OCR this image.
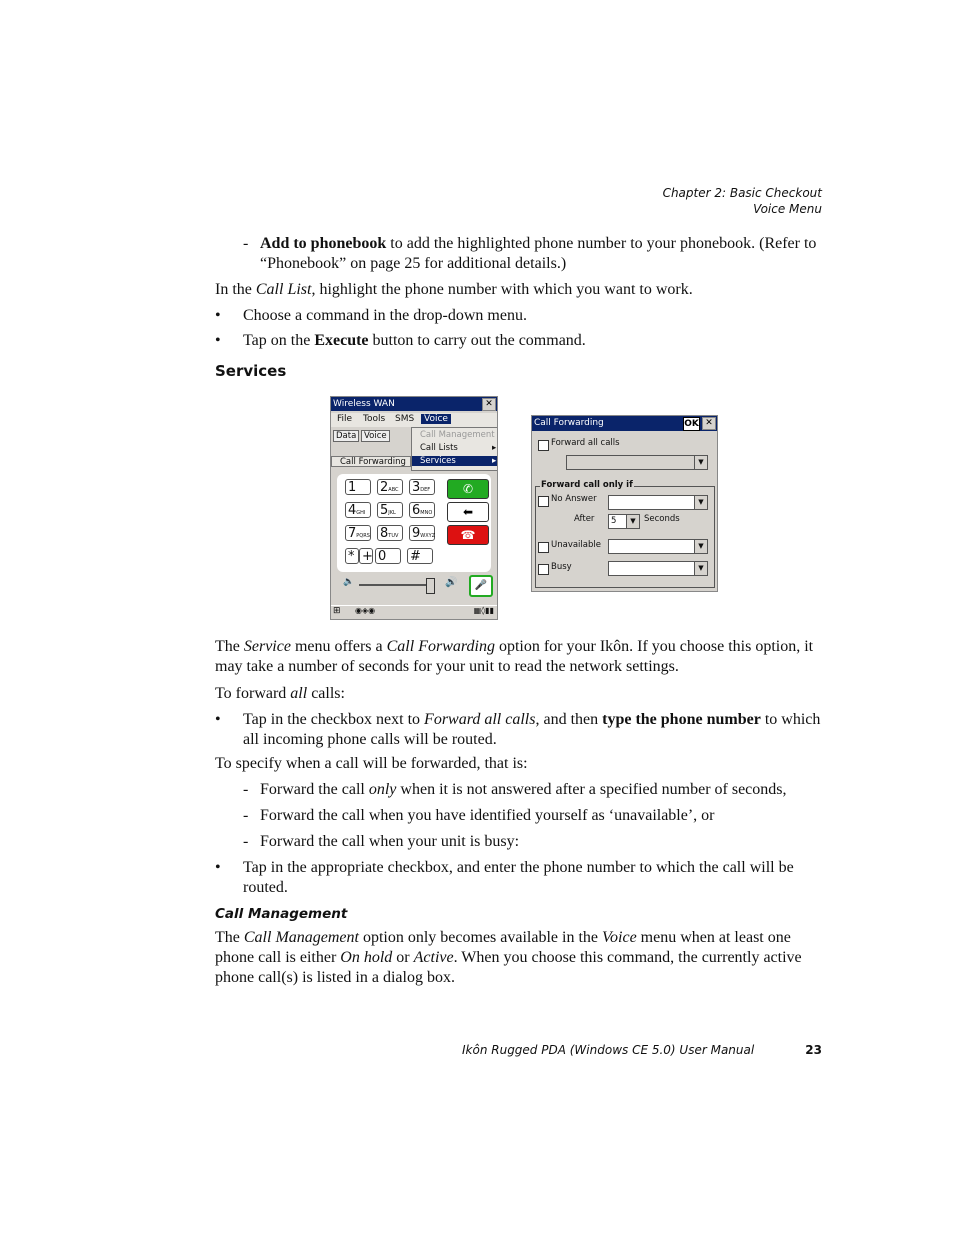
Chapter 2: Basic Checkout
Voice Menu
- Add to phonebook to add the highlighted phone number to your phonebook. (Refer to “Phonebook” on page 25 for additional details.)
In the Call List, highlight the phone number with which you want to work.
• Choose a command in the drop-down menu.
• Tap on the Execute button to carry out the command.
Services
Wireless WAN	✕
File Tools SMS	Voice
Data Voice
Call Forwarding
Call Management
Call Lists	▸
Services	▸
1	2ABC	3DEF
4GHI	5JKL	6MNO
7PQRS 8TUV	9WXYZ
* + 0	#
✆
⬅
☎
🔈	🔊	🎤
⊞ ◉◈◉	▦◊▮▮
Call Forwarding	OK ✕
Forward all calls
▼
Forward call only if
No Answer	▼
After 5	▼ Seconds
Unavailable	▼
Busy	▼
The Service menu offers a Call Forwarding option for your Ikôn. If you choose this option, it may take a number of seconds for your unit to read the network settings.
To forward all calls:
• Tap in the checkbox next to Forward all calls, and then type the phone number to which all incoming phone calls will be routed.
To specify when a call will be forwarded, that is:
- Forward the call only when it is not answered after a specified number of seconds,
- Forward the call when you have identified yourself as ‘unavailable’, or
- Forward the call when your unit is busy:
• Tap in the appropriate checkbox, and enter the phone number to which the call will be routed.
Call Management
The Call Management option only becomes available in the Voice menu when at least one phone call is either On hold or Active. When you choose this command, the currently active phone call(s) is listed in a dialog box.
Ikôn Rugged PDA (Windows CE 5.0) User Manual	23
